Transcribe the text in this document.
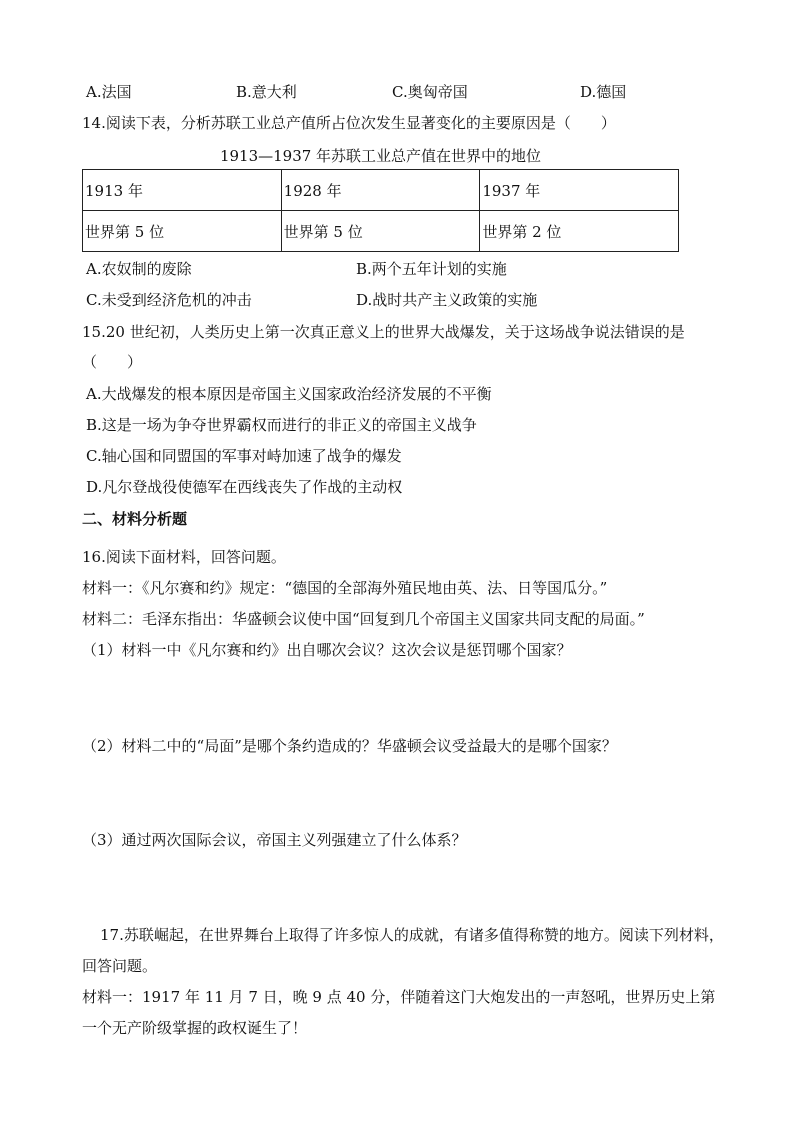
A.法国	B.意大利	C.奥匈帝国	D.德国
14.阅读下表，分析苏联工业总产值所占位次发生显著变化的主要原因是（　　）
1913—1937 年苏联工业总产值在世界中的地位
1913 年	1928 年	1937 年
世界第 5 位	世界第 5 位	世界第 2 位
A.农奴制的废除	B.两个五年计划的实施
C.未受到经济危机的冲击	D.战时共产主义政策的实施
15.20 世纪初，人类历史上第一次真正意义上的世界大战爆发，关于这场战争说法错误的是
（　　）
A.大战爆发的根本原因是帝国主义国家政治经济发展的不平衡
B.这是一场为争夺世界霸权而进行的非正义的帝国主义战争
C.轴心国和同盟国的军事对峙加速了战争的爆发
D.凡尔登战役使德军在西线丧失了作战的主动权
二、材料分析题
16.阅读下面材料，回答问题。
材料一：《凡尔赛和约》规定：“德国的全部海外殖民地由英、法、日等国瓜分。”
材料二：毛泽东指出：华盛顿会议使中国“回复到几个帝国主义国家共同支配的局面。”
（1）材料一中《凡尔赛和约》出自哪次会议？这次会议是惩罚哪个国家？
（2）材料二中的“局面”是哪个条约造成的？华盛顿会议受益最大的是哪个国家？
（3）通过两次国际会议，帝国主义列强建立了什么体系？
17.苏联崛起，在世界舞台上取得了许多惊人的成就，有诸多值得称赞的地方。阅读下列材料，
回答问题。
材料一：1917 年 11 月 7 日，晚 9 点 40 分，伴随着这门大炮发出的一声怒吼，世界历史上第
一个无产阶级掌握的政权诞生了！
